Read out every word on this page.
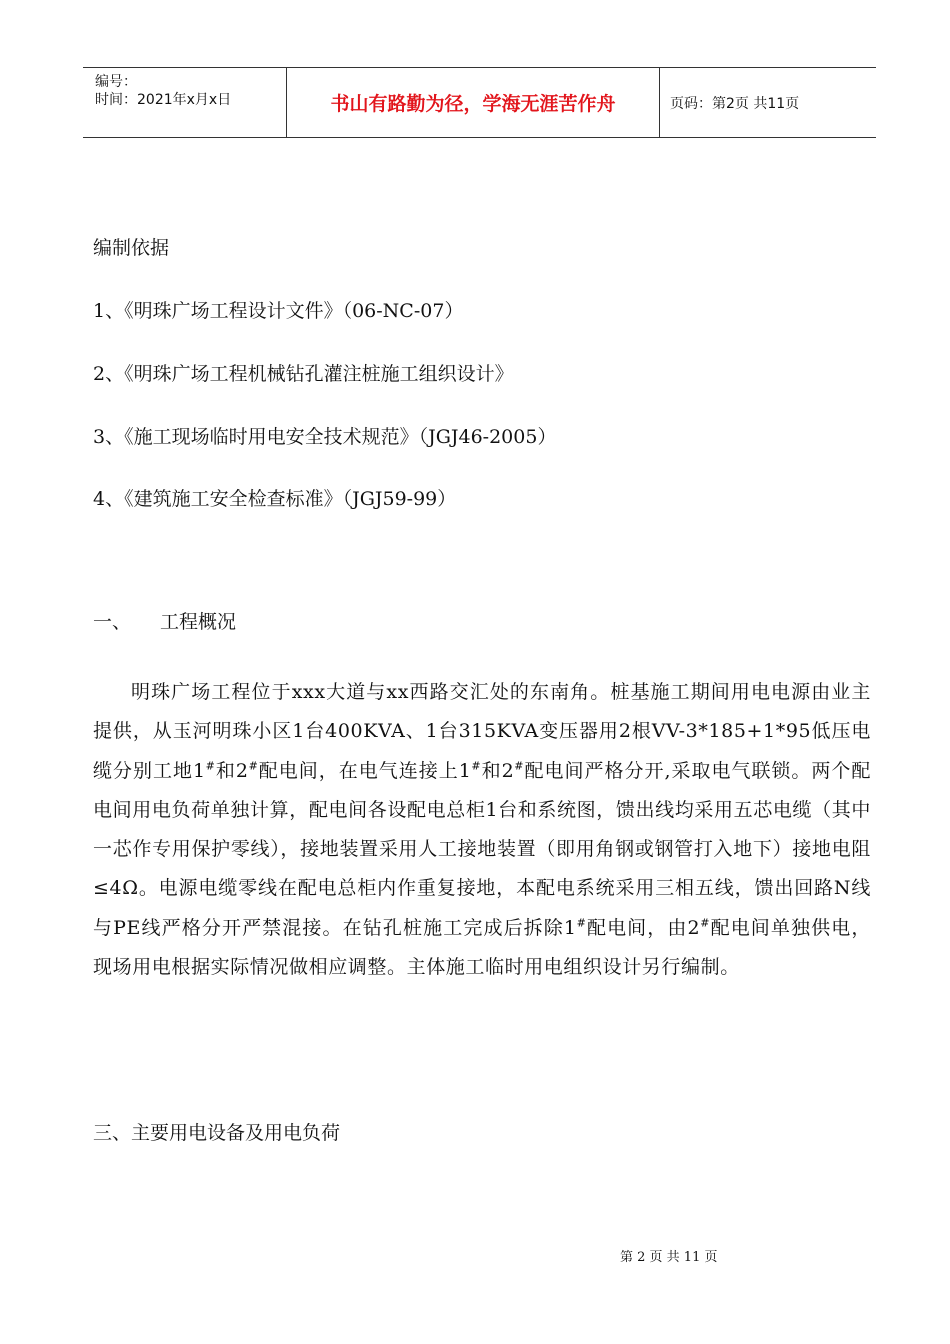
编号：
时间：2021年x月x日	书山有路勤为径，学海无涯苦作舟	页码：第2页 共11页
编制依据
1、《明珠广场工程设计文件》（06-NC-07）
2、《明珠广场工程机械钻孔灌注桩施工组织设计》
3、《施工现场临时用电安全技术规范》（JGJ46-2005）
4、《建筑施工安全检查标准》（JGJ59-99）
一、 工程概况

明珠广场工程位于xxx大道与xx西路交汇处的东南角。桩基施工期间用电电源由业主提供，从玉河明珠小区1台400KVA、1台315KVA变压器用2根VV-3*185+1*95低压电缆分别工地1#和2#配电间，在电气连接上1#和2#配电间严格分开,采取电气联锁。两个配电间用电负荷单独计算，配电间各设配电总柜1台和系统图，馈出线均采用五芯电缆（其中一芯作专用保护零线），接地装置采用人工接地装置（即用角钢或钢管打入地下）接地电阻≤4Ω。电源电缆零线在配电总柜内作重复接地，本配电系统采用三相五线，馈出回路N线与PE线严格分开严禁混接。在钻孔桩施工完成后拆除1#配电间，由2#配电间单独供电，现场用电根据实际情况做相应调整。主体施工临时用电组织设计另行编制。

三、主要用电设备及用电负荷
第 2 页 共 11 页
